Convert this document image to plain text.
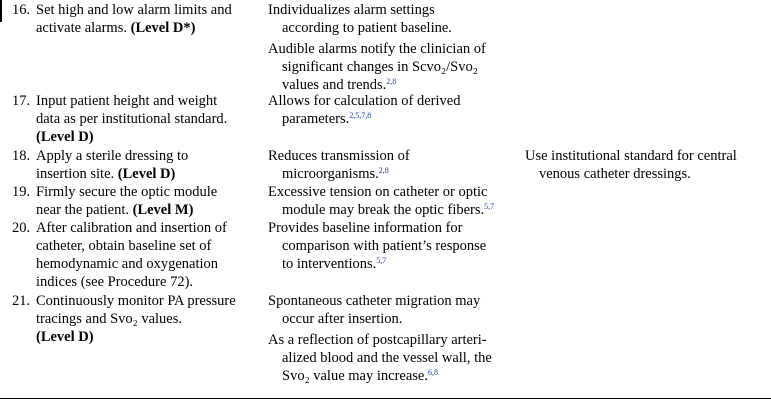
16. Set high and low alarm limits and
activate alarms. (Level D*)
Individualizes alarm settings
according to patient baseline.
Audible alarms notify the clinician of
significant changes in Scvo₂/Svo₂
values and trends.$^{2,8}$
17. Input patient height and weight
data as per institutional standard.
(Level D)
Allows for calculation of derived
parameters.$^{2,5,7,8}$
18. Apply a sterile dressing to
insertion site. (Level D)
Reduces transmission of
microorganisms.$^{2,8}$
Use institutional standard for central
venous catheter dressings.
19. Firmly secure the optic module
near the patient. (Level M)
Excessive tension on catheter or optic
module may break the optic fibers.$^{5,7}$
20. After calibration and insertion of
catheter, obtain baseline set of
hemodynamic and oxygenation
indices (see Procedure 72).
Provides baseline information for
comparison with patient’s response
to interventions.$^{5,7}$
21. Continuously monitor PA pressure
tracings and Svo₂ values.
(Level D)
Spontaneous catheter migration may
occur after insertion.
As a reflection of postcapillary arteri-
alized blood and the vessel wall, the
Svo₂ value may increase.$^{6,8}$
